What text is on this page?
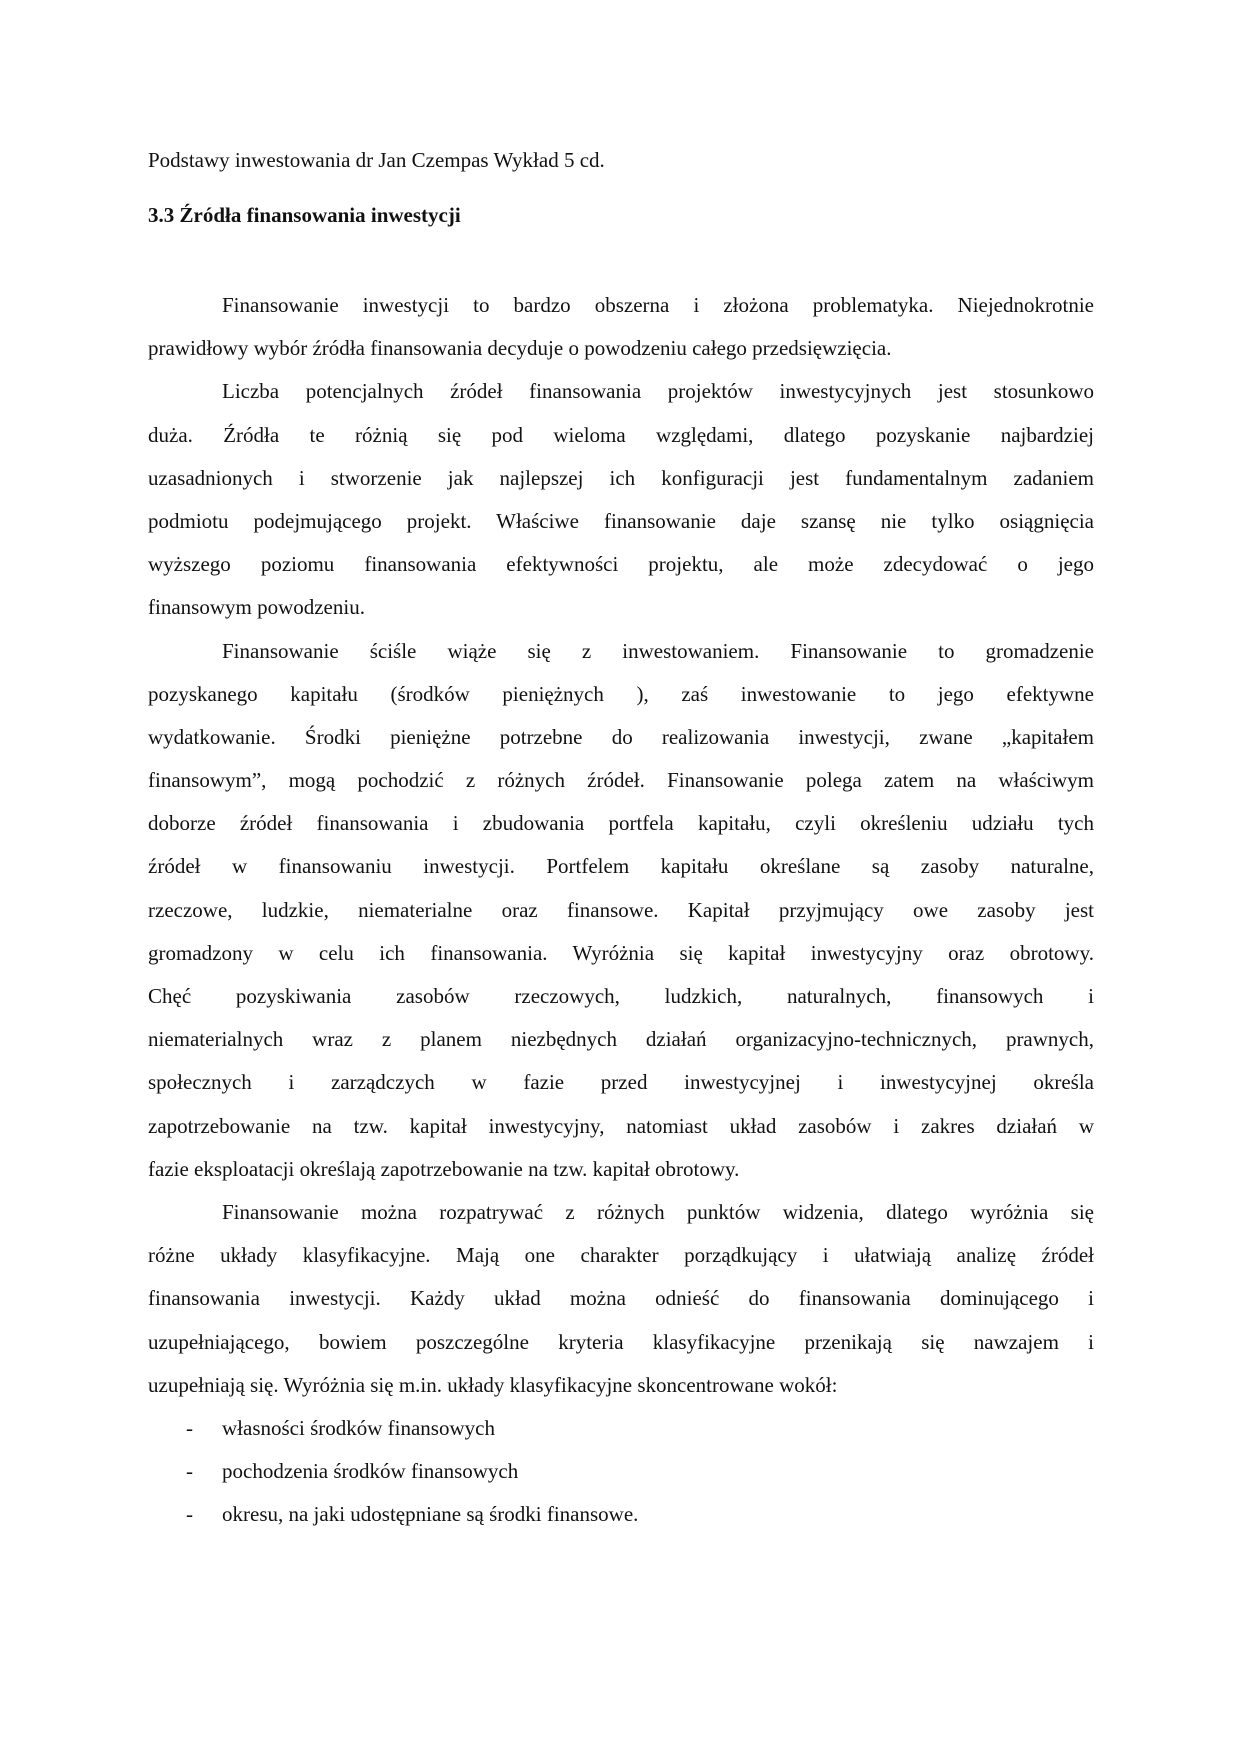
Podstawy inwestowania dr Jan Czempas Wykład 5 cd.
3.3 Źródła finansowania inwestycji
Finansowanie inwestycji to bardzo obszerna i złożona problematyka. Niejednokrotnie
prawidłowy wybór źródła finansowania decyduje o powodzeniu całego przedsięwzięcia.
Liczba potencjalnych źródeł finansowania projektów inwestycyjnych jest stosunkowo
duża. Źródła te różnią się pod wieloma względami, dlatego pozyskanie najbardziej
uzasadnionych i stworzenie jak najlepszej ich konfiguracji jest fundamentalnym zadaniem
podmiotu podejmującego projekt. Właściwe finansowanie daje szansę nie tylko osiągnięcia
wyższego poziomu finansowania efektywności projektu, ale może zdecydować o jego
finansowym powodzeniu.
Finansowanie ściśle wiąże się z inwestowaniem. Finansowanie to gromadzenie
pozyskanego kapitału (środków pieniężnych ), zaś inwestowanie to jego efektywne
wydatkowanie. Środki pieniężne potrzebne do realizowania inwestycji, zwane „kapitałem
finansowym”, mogą pochodzić z różnych źródeł. Finansowanie polega zatem na właściwym
doborze źródeł finansowania i zbudowania portfela kapitału, czyli określeniu udziału tych
źródeł w finansowaniu inwestycji. Portfelem kapitału określane są zasoby naturalne,
rzeczowe, ludzkie, niematerialne oraz finansowe. Kapitał przyjmujący owe zasoby jest
gromadzony w celu ich finansowania. Wyróżnia się kapitał inwestycyjny oraz obrotowy.
Chęć pozyskiwania zasobów rzeczowych, ludzkich, naturalnych, finansowych i
niematerialnych wraz z planem niezbędnych działań organizacyjno-technicznych, prawnych,
społecznych i zarządczych w fazie przed inwestycyjnej i inwestycyjnej określa
zapotrzebowanie na tzw. kapitał inwestycyjny, natomiast układ zasobów i zakres działań w
fazie eksploatacji określają zapotrzebowanie na tzw. kapitał obrotowy.
Finansowanie można rozpatrywać z różnych punktów widzenia, dlatego wyróżnia się
różne układy klasyfikacyjne. Mają one charakter porządkujący i ułatwiają analizę źródeł
finansowania inwestycji. Każdy układ można odnieść do finansowania dominującego i
uzupełniającego, bowiem poszczególne kryteria klasyfikacyjne przenikają się nawzajem i
uzupełniają się. Wyróżnia się m.in. układy klasyfikacyjne skoncentrowane wokół:
-	własności środków finansowych
-	pochodzenia środków finansowych
-	okresu, na jaki udostępniane są środki finansowe.
